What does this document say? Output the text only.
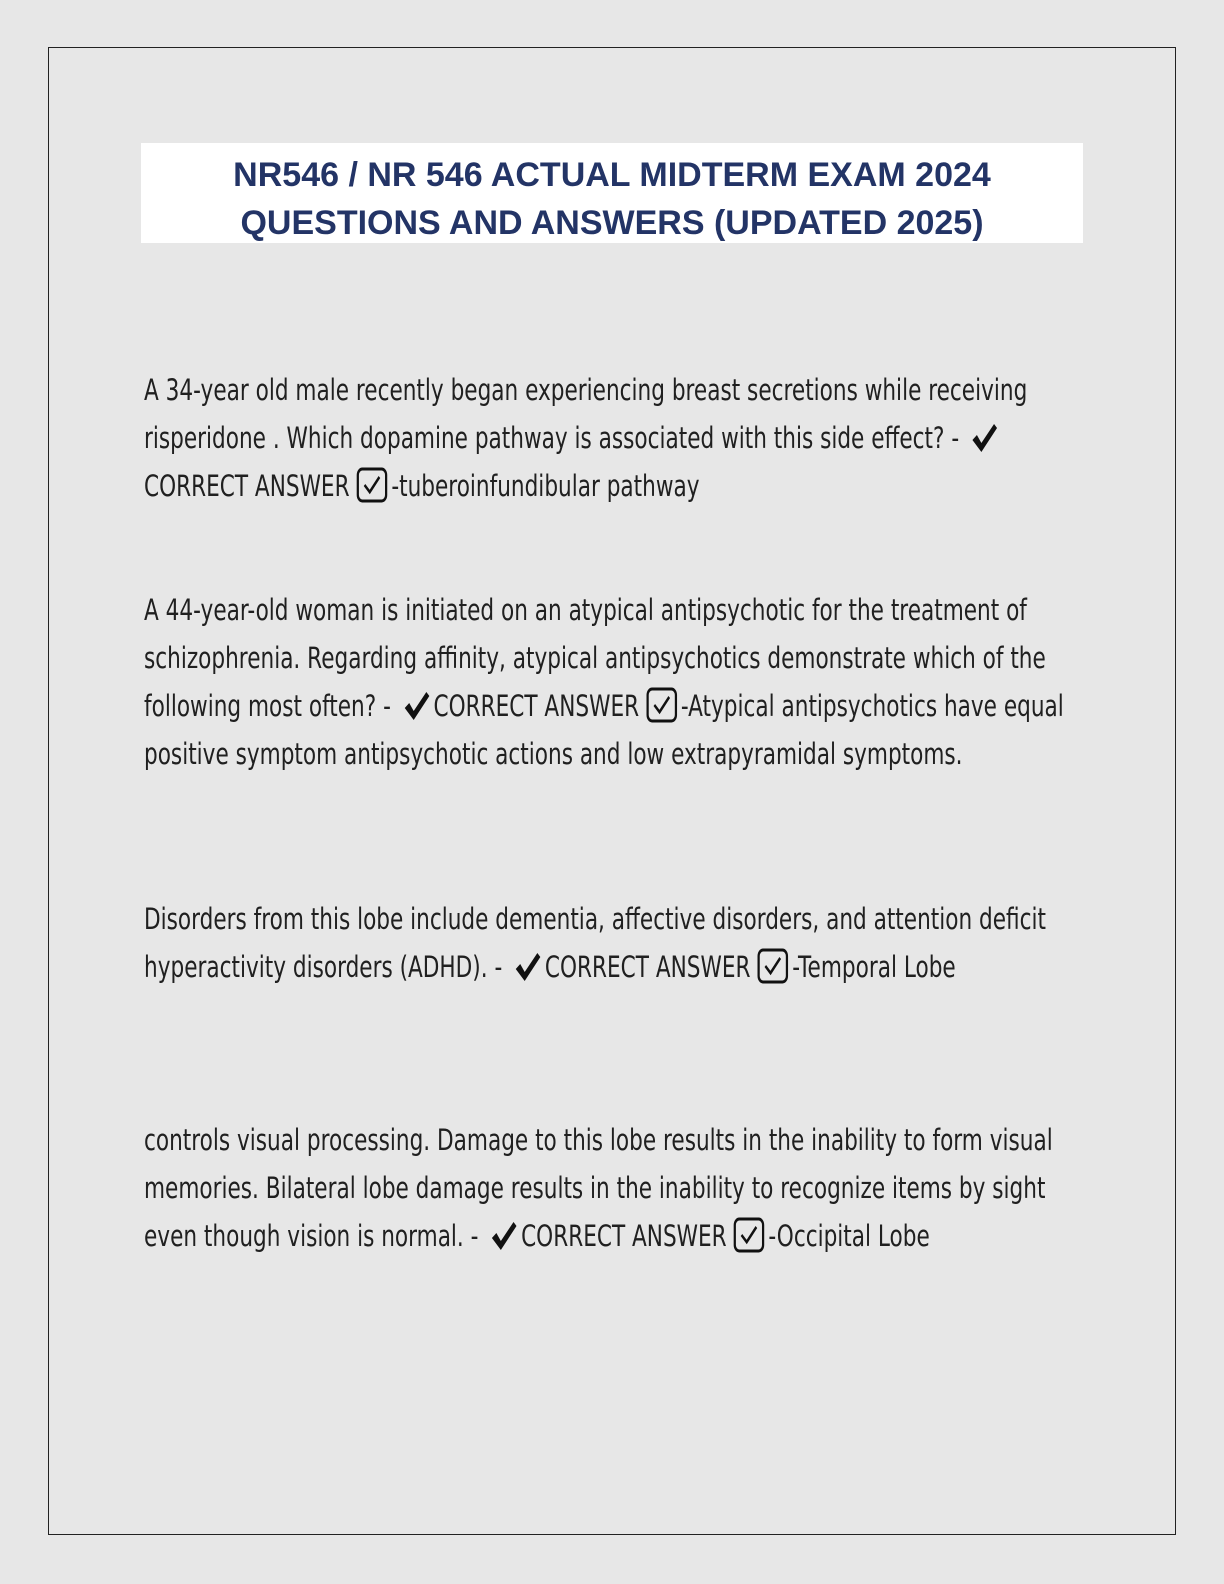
NR546 / NR 546 ACTUAL MIDTERM EXAM 2024
QUESTIONS AND ANSWERS (UPDATED 2025)
A 34-year old male recently began experiencing breast secretions while receiving risperidone . Which dopamine pathway is associated with this side effect? -
CORRECT ANSWER -tuberoinfundibular pathway
A 44-year-old woman is initiated on an atypical antipsychotic for the treatment of schizophrenia. Regarding affinity, atypical antipsychotics demonstrate which of the following most often? - CORRECT ANSWER -Atypical antipsychotics have equal positive symptom antipsychotic actions and low extrapyramidal symptoms.
Disorders from this lobe include dementia, affective disorders, and attention deficit hyperactivity disorders (ADHD). - CORRECT ANSWER -Temporal Lobe
controls visual processing. Damage to this lobe results in the inability to form visual memories. Bilateral lobe damage results in the inability to recognize items by sight even though vision is normal. - CORRECT ANSWER -Occipital Lobe
